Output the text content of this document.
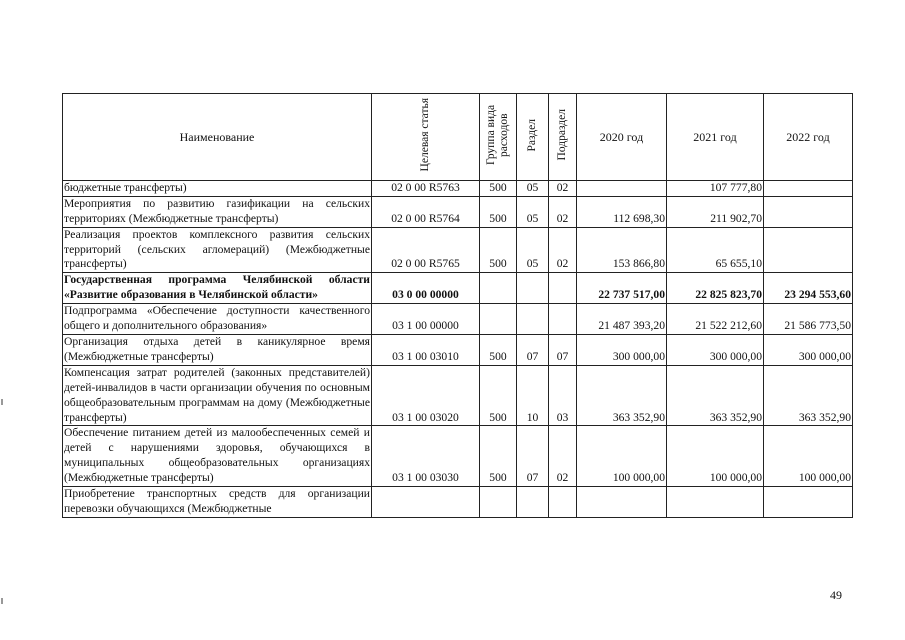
Наименование	Целевая статья	Группа вида расходов	Раздел	Подраздел	2020 год	2021 год	2022 год
бюджетные трансферты)	02 0 00 R5763	500	05	02		107 777,80	
Мероприятия по развитию газификации на сельских территориях (Межбюджетные трансферты)	02 0 00 R5764	500	05	02	112 698,30	211 902,70	
Реализация проектов комплексного развития сельских территорий (сельских агломераций) (Межбюджетные трансферты)	02 0 00 R5765	500	05	02	153 866,80	65 655,10	
Государственная программа Челябинской области «Развитие образования в Челябинской области»	03 0 00 00000				22 737 517,00	22 825 823,70	23 294 553,60
Подпрограмма «Обеспечение доступности качественного общего и дополнительного образования»	03 1 00 00000				21 487 393,20	21 522 212,60	21 586 773,50
Организация отдыха детей в каникулярное время (Межбюджетные трансферты)	03 1 00 03010	500	07	07	300 000,00	300 000,00	300 000,00
Компенсация затрат родителей (законных представителей) детей-инвалидов в части организации обучения по основным общеобразовательным программам на дому (Межбюджетные трансферты)	03 1 00 03020	500	10	03	363 352,90	363 352,90	363 352,90
Обеспечение питанием детей из малообеспеченных семей и детей с нарушениями здоровья, обучающихся в муниципальных общеобразовательных организациях (Межбюджетные трансферты)	03 1 00 03030	500	07	02	100 000,00	100 000,00	100 000,00
Приобретение транспортных средств для организации перевозки обучающихся (Межбюджетные							
49
